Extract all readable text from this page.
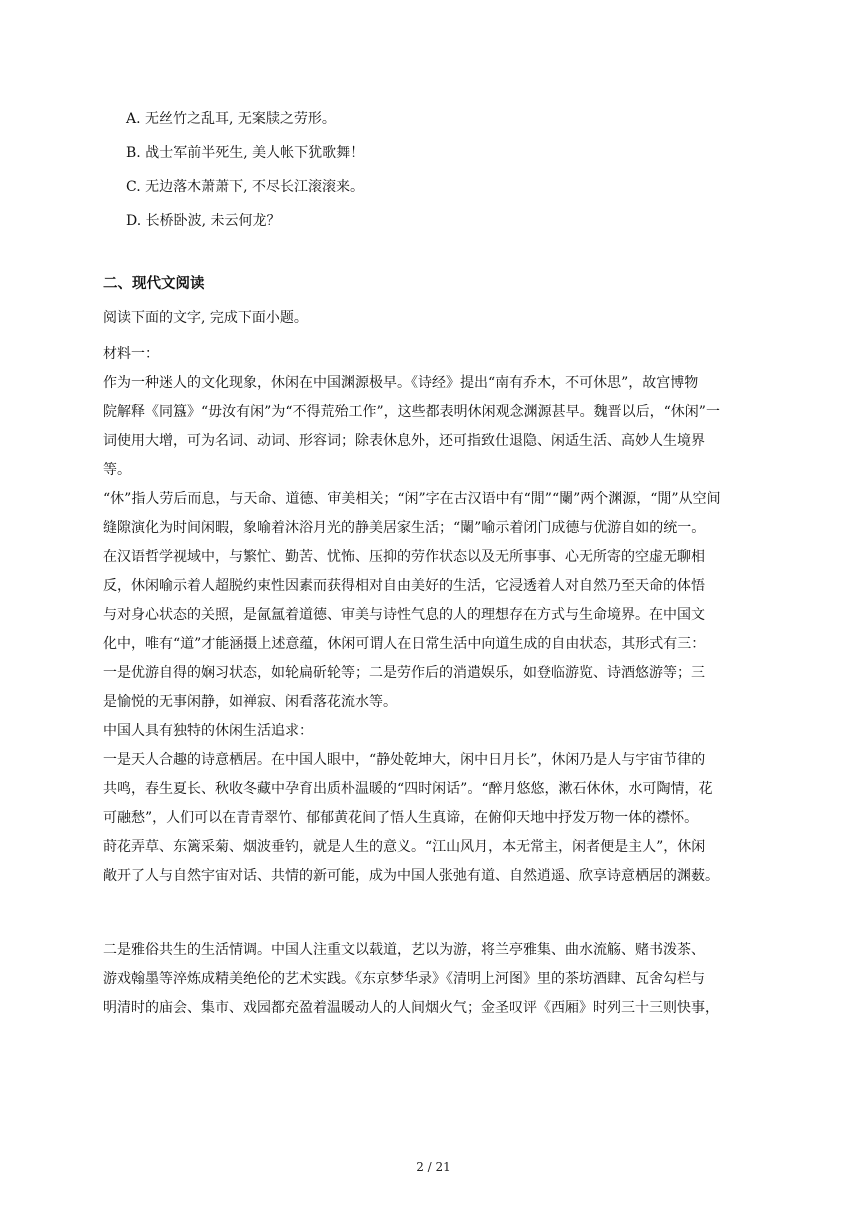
A. 无丝竹之乱耳, 无案牍之劳形。
B. 战士军前半死生, 美人帐下犹歌舞！
C. 无边落木萧萧下, 不尽长江滚滚来。
D. 长桥卧波, 未云何龙？
二、现代文阅读
阅读下面的文字, 完成下面小题。
材料一：
作为一种迷人的文化现象，休闲在中国渊源极早。《诗经》提出“南有乔木，不可休思”，故宫博物
院解释《同簋》“毋汝有闲”为“不得荒殆工作”，这些都表明休闲观念渊源甚早。魏晋以后，“休闲”一
词使用大增，可为名词、动词、形容词；除表休息外，还可指致仕退隐、闲适生活、高妙人生境界
等。
“休”指人劳后而息，与天命、道德、审美相关；“闲”字在古汉语中有“閒”“闌”两个渊源，“閒”从空间
缝隙演化为时间闲暇，象喻着沐浴月光的静美居家生活；“闌”喻示着闭门成德与优游自如的统一。
在汉语哲学视域中，与繁忙、勤苦、忧怖、压抑的劳作状态以及无所事事、心无所寄的空虚无聊相
反，休闲喻示着人超脱约束性因素而获得相对自由美好的生活，它浸透着人对自然乃至天命的体悟
与对身心状态的关照，是氤氲着道德、审美与诗性气息的人的理想存在方式与生命境界。在中国文
化中，唯有“道”才能涵摄上述意蕴，休闲可谓人在日常生活中向道生成的自由状态，其形式有三：
一是优游自得的娴习状态，如轮扁斫轮等；二是劳作后的消遣娱乐，如登临游览、诗酒悠游等；三
是愉悦的无事闲静，如禅寂、闲看落花流水等。
中国人具有独特的休闲生活追求：
一是天人合趣的诗意栖居。在中国人眼中，“静处乾坤大，闲中日月长”，休闲乃是人与宇宙节律的
共鸣，春生夏长、秋收冬藏中孕育出质朴温暖的“四时闲话”。“醉月悠悠，漱石休休，水可陶情，花
可融愁”，人们可以在青青翠竹、郁郁黄花间了悟人生真谛，在俯仰天地中抒发万物一体的襟怀。
莳花弄草、东篱采菊、烟波垂钓，就是人生的意义。“江山风月，本无常主，闲者便是主人”，休闲
敞开了人与自然宇宙对话、共情的新可能，成为中国人张弛有道、自然逍遥、欣享诗意栖居的渊薮。
二是雅俗共生的生活情调。中国人注重文以载道，艺以为游，将兰亭雅集、曲水流觞、赌书泼茶、
游戏翰墨等淬炼成精美绝伦的艺术实践。《东京梦华录》《清明上河图》里的茶坊酒肆、瓦舍勾栏与
明清时的庙会、集市、戏园都充盈着温暖动人的人间烟火气；金圣叹评《西厢》时列三十三则快事，
2 / 21
